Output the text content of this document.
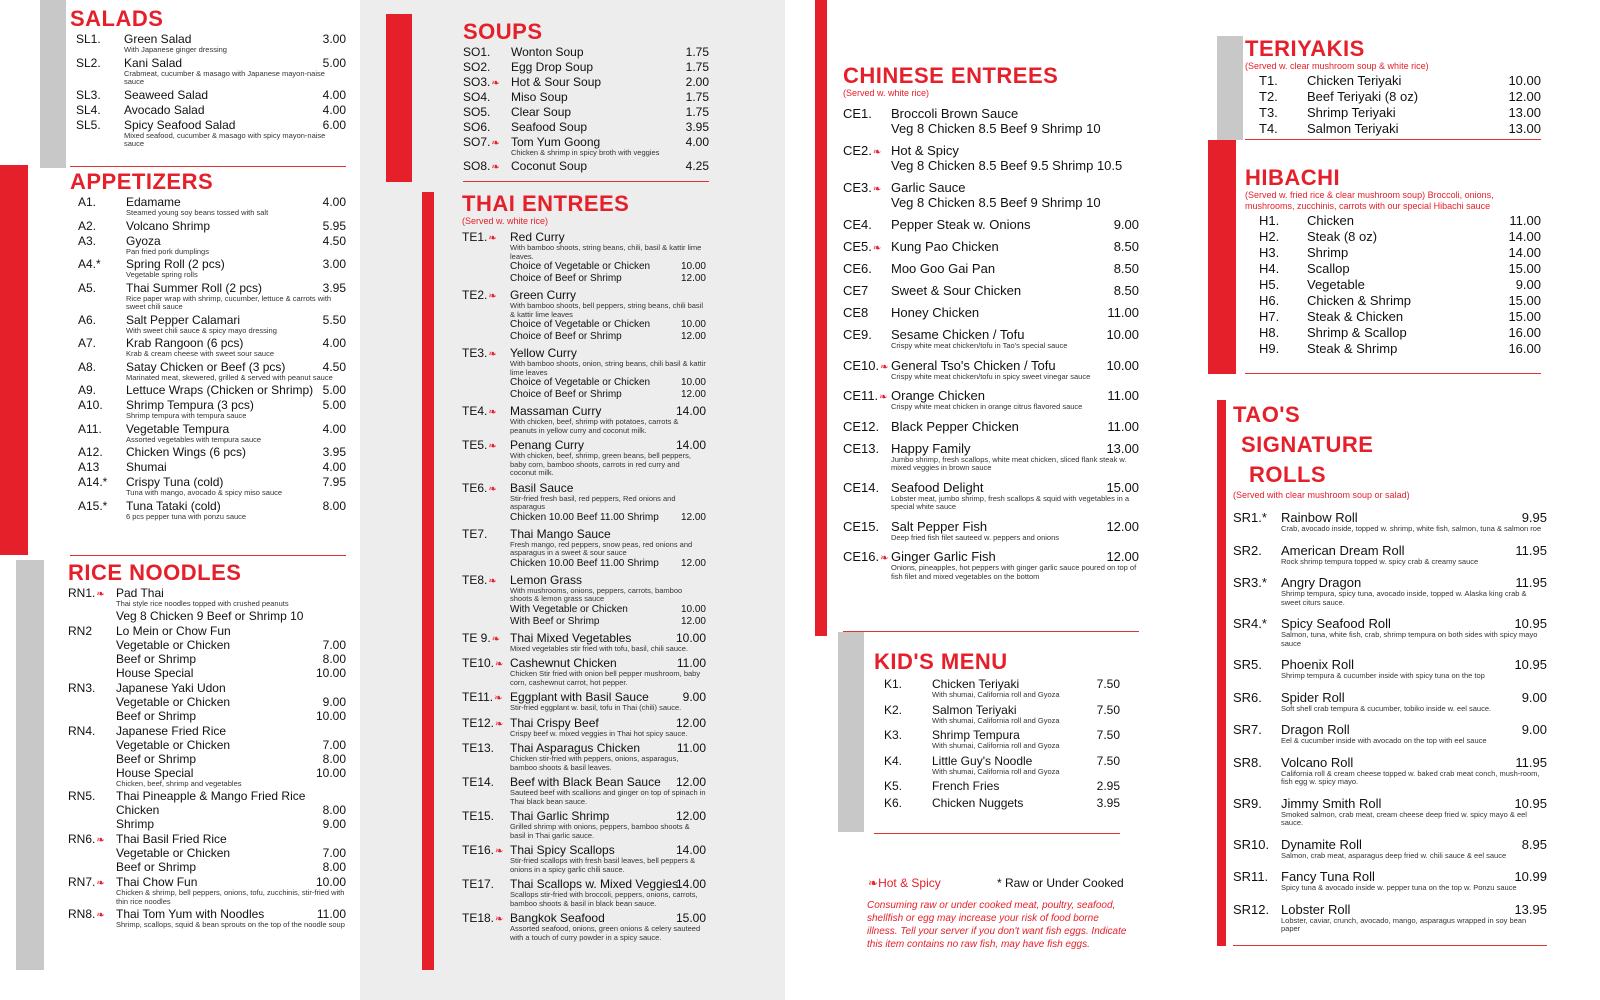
SALADS
SL1. Green Salad	3.00
With Japanese ginger dressing
SL2. Kani Salad	5.00
Crabmeat, cucumber & masago with Japanese mayon-naise sauce
SL3. Seaweed Salad	4.00
SL4. Avocado Salad	4.00
SL5. Spicy Seafood Salad	6.00
Mixed seafood, cucumber & masago with spicy mayon-naise sauce
APPETIZERS
A1. Edamame	4.00
Steamed young soy beans tossed with salt
A2. Volcano Shrimp	5.95
A3. Gyoza	4.50
Pan fried pork dumplings
A4.* Spring Roll (2 pcs)	3.00
Vegetable spring rolls
A5. Thai Summer Roll (2 pcs)	3.95
Rice paper wrap with shrimp, cucumber, lettuce & carrots with sweet chili sauce
A6. Salt Pepper Calamari	5.50
With sweet chili sauce & spicy mayo dressing
A7. Krab Rangoon (6 pcs)	4.00
Krab & cream cheese with sweet sour sauce
A8. Satay Chicken or Beef (3 pcs)	4.50
Marinated meat, skewered, grilled & served with peanut sauce
A9. Lettuce Wraps (Chicken or Shrimp) 5.00
A10. Shrimp Tempura (3 pcs)	5.00
Shrimp tempura with tempura sauce
A11. Vegetable Tempura	4.00
Assorted vegetables with tempura sauce
A12. Chicken Wings (6 pcs)	3.95
A13 Shumai	4.00
A14.* Crispy Tuna (cold)	7.95
Tuna with mango, avocado & spicy miso sauce
A15.* Tuna Tataki (cold)	8.00
6 pcs pepper tuna with ponzu sauce
RICE NOODLES
RN1.❧ Pad Thai
Thai style rice noodles topped with crushed peanuts
Veg 8 Chicken 9 Beef or Shrimp 10
RN2 Lo Mein or Chow Fun
Vegetable or Chicken	7.00
Beef or Shrimp	8.00
House Special	10.00
RN3. Japanese Yaki Udon
Vegetable or Chicken	9.00
Beef or Shrimp	10.00
RN4. Japanese Fried Rice
Vegetable or Chicken	7.00
Beef or Shrimp	8.00
House Special	10.00
Chicken, beef, shrimp and vegetables
RN5. Thai Pineapple & Mango Fried Rice
Chicken	8.00
Shrimp	9.00
RN6.❧ Thai Basil Fried Rice
Vegetable or Chicken	7.00
Beef or Shrimp	8.00
RN7.❧ Thai Chow Fun	10.00
Chicken & shrimp, bell peppers, onions, tofu, zucchinis, stir-fried with thin rice noodles
RN8.❧ Thai Tom Yum with Noodles	11.00
Shrimp, scallops, squid & bean sprouts on the top of the noodle soup
SOUPS
SO1. Wonton Soup	1.75
SO2. Egg Drop Soup	1.75
SO3.❧ Hot & Sour Soup	2.00
SO4. Miso Soup	1.75
SO5. Clear Soup	1.75
SO6. Seafood Soup	3.95
SO7.❧ Tom Yum Goong	4.00
Chicken & shrimp in spicy broth with veggies
SO8.❧ Coconut Soup	4.25
THAI ENTREES
(Served w. white rice)
TE1.❧ Red Curry
With bamboo shoots, string beans, chili, basil & kattir lime leaves.
Choice of Vegetable or Chicken	10.00
Choice of Beef or Shrimp	12.00
TE2.❧ Green Curry
With bamboo shoots, bell peppers, string beans, chili basil & kattir lime leaves
Choice of Vegetable or Chicken	10.00
Choice of Beef or Shrimp	12.00
TE3.❧ Yellow Curry
With bamboo shoots, onion, string beans, chili basil & kattir lime leaves
Choice of Vegetable or Chicken	10.00
Choice of Beef or Shrimp	12.00
TE4.❧ Massaman Curry	14.00
With chicken, beef, shrimp with potatoes, carrots & peanuts in yellow curry and coconut milk.
TE5.❧ Penang Curry	14.00
With chicken, beef, shrimp, green beans, bell peppers, baby corn, bamboo shoots, carrots in red curry and coconut milk.
TE6.❧ Basil Sauce
Stir-fried fresh basil, red peppers, Red onions and asparagus
Chicken 10.00 Beef 11.00 Shrimp 12.00
TE7. Thai Mango Sauce
Fresh mango, red peppers, snow peas, red onions and asparagus in a sweet & sour sauce
Chicken 10.00 Beef 11.00 Shrimp 12.00
TE8.❧ Lemon Grass
With mushrooms, onions, peppers, carrots, bamboo shoots & lemon grass sauce
With Vegetable or Chicken	10.00
With Beef or Shrimp	12.00
TE 9.❧ Thai Mixed Vegetables	10.00
Mixed vegetables stir fried with tofu, basil, chili sauce.
TE10.❧ Cashewnut Chicken	11.00
Chicken Stir fried with onion bell pepper mushroom, baby corn, cashewnut carrot, hot pepper.
TE11.❧ Eggplant with Basil Sauce	9.00
Stir-fried eggplant w. basil, tofu in Thai (chili) sauce.
TE12.❧ Thai Crispy Beef	12.00
Crispy beef w. mixed veggies in Thai hot spicy sauce.
TE13. Thai Asparagus Chicken	11.00
Chicken stir-fried with peppers, onions, asparagus, bamboo shoots & basil leaves.
TE14. Beef with Black Bean Sauce	12.00
Sauteed beef with scallions and ginger on top of spinach in Thai black bean sauce.
TE15. Thai Garlic Shrimp	12.00
Grilled shrimp with onions, peppers, bamboo shoots & basil in Thai garlic sauce.
TE16.❧ Thai Spicy Scallops	14.00
Stir-fried scallops with fresh basil leaves, bell peppers & onions in a spicy garlic chili sauce.
TE17. Thai Scallops w. Mixed Veggies
14.00
Scallops stir-fried with broccoli, peppers, onions, carrots, bamboo shoots & basil in black bean sauce.
TE18.❧ Bangkok Seafood	15.00
Assorted seafood, onions, green onions & celery sauteed with a touch of curry powder in a spicy sauce.
CHINESE ENTREES
(Served w. white rice)
CE1. Broccoli Brown Sauce
Veg 8 Chicken 8.5 Beef 9 Shrimp 10
CE2.❧ Hot & Spicy
Veg 8 Chicken 8.5 Beef 9.5 Shrimp 10.5
CE3.❧ Garlic Sauce
Veg 8 Chicken 8.5 Beef 9 Shrimp 10
CE4. Pepper Steak w. Onions	9.00
CE5.❧ Kung Pao Chicken	8.50
CE6. Moo Goo Gai Pan	8.50
CE7 Sweet & Sour Chicken	8.50
CE8 Honey Chicken	11.00
CE9. Sesame Chicken / Tofu	10.00
Crispy white meat chicken/tofu in Tao's special sauce
CE10.❧ General Tso's Chicken / Tofu	10.00
Crispy white meat chicken/tofu in spicy sweet vinegar sauce
CE11.❧ Orange Chicken	11.00
Crispy white meat chicken in orange citrus flavored sauce
CE12. Black Pepper Chicken	11.00
CE13. Happy Family	13.00
Jumbo shrimp, fresh scallops, white meat chicken, sliced flank steak w. mixed veggies in brown sauce
CE14. Seafood Delight	15.00
Lobster meat, jumbo shrimp, fresh scallops & squid with vegetables in a special white sauce
CE15. Salt Pepper Fish	12.00
Deep fried fish filet sauteed w. peppers and onions
CE16.❧ Ginger Garlic Fish	12.00
Onions, pineapples, hot peppers with ginger garlic sauce poured on top of fish filet and mixed vegetables on the bottom
KID'S MENU
K1. Chicken Teriyaki	7.50
With shumai, California roll and Gyoza
K2. Salmon Teriyaki	7.50
With shumai, California roll and Gyoza
K3. Shrimp Tempura	7.50
With shumai, California roll and Gyoza
K4. Little Guy's Noodle	7.50
With shumai, California roll and Gyoza
K5. French Fries	2.95
K6. Chicken Nuggets	3.95
❧Hot & Spicy	* Raw or Under Cooked
Consuming raw or under cooked meat, poultry, seafood, shellfish or egg may increase your risk of food borne illness. Tell your server if you don't want fish eggs. Indicate this item contains no raw fish, may have fish eggs.
TERIYAKIS
(Served w. clear mushroom soup & white rice)
T1. Chicken Teriyaki	10.00
T2. Beef Teriyaki (8 oz)	12.00
T3. Shrimp Teriyaki	13.00
T4. Salmon Teriyaki	13.00
HIBACHI
(Served w. fried rice & clear mushroom soup) Broccoli, onions, mushrooms, zucchinis, carrots with our special Hibachi sauce
H1. Chicken	11.00
H2. Steak (8 oz)	14.00
H3. Shrimp	14.00
H4. Scallop	15.00
H5. Vegetable	9.00
H6. Chicken & Shrimp	15.00
H7. Steak & Chicken	15.00
H8. Shrimp & Scallop	16.00
H9. Steak & Shrimp	16.00
TAO'S
SIGNATURE
ROLLS
(Served with clear mushroom soup or salad)
SR1.* Rainbow Roll	9.95
Crab, avocado inside, topped w. shrimp, white fish, salmon, tuna & salmon roe
SR2. American Dream Roll	11.95
Rock shrimp tempura topped w. spicy crab & creamy sauce
SR3.* Angry Dragon	11.95
Shrimp tempura, spicy tuna, avocado inside, topped w. Alaska king crab & sweet citurs sauce.
SR4.* Spicy Seafood Roll	10.95
Salmon, tuna, white fish, crab, shrimp tempura on both sides with spicy mayo sauce
SR5. Phoenix Roll	10.95
Shrimp tempura & cucumber inside with spicy tuna on the top
SR6. Spider Roll	9.00
Soft shell crab tempura & cucumber, tobiko inside w. eel sauce.
SR7. Dragon Roll	9.00
Eel & cucumber inside with avocado on the top with eel sauce
SR8. Volcano Roll	11.95
California roll & cream cheese topped w. baked crab meat conch, mush-room, fish egg w. spicy mayo.
SR9. Jimmy Smith Roll	10.95
Smoked salmon, crab meat, cream cheese deep fried w. spicy mayo & eel sauce.
SR10. Dynamite Roll	8.95
Salmon, crab meat, asparagus deep fried w. chili sauce & eel sauce
SR11. Fancy Tuna Roll	10.99
Spicy tuna & avocado inside w. pepper tuna on the top w. Ponzu sauce
SR12. Lobster Roll	13.95
Lobster, caviar, crunch, avocado, mango, asparagus wrapped in soy bean paper
